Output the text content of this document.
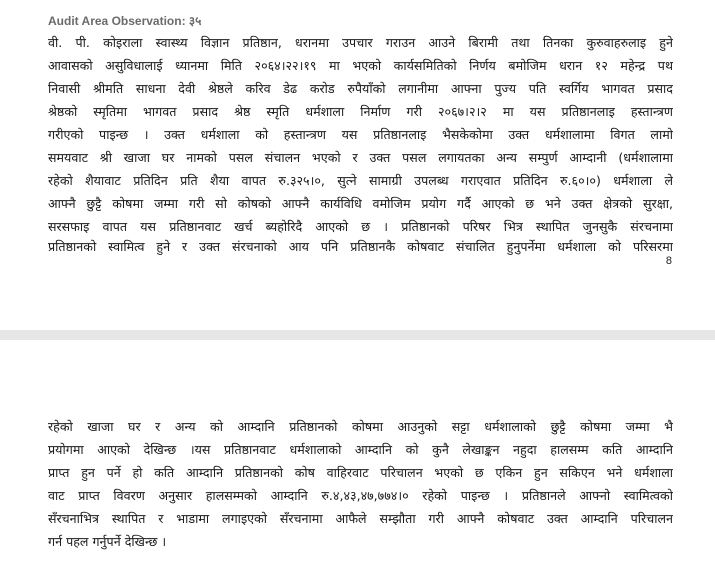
Audit Area Observation: ३५
वी. पी. कोइराला स्वास्थ्य विज्ञान प्रतिष्ठान, धरानमा उपचार गराउन आउने बिरामी तथा तिनका कुरुवाहरुलाइ हुने
आवासको असुविधालाई ध्यानमा मिति २०६४।२२।१९ मा भएको कार्यसमितिको निर्णय बमोजिम धरान १२ महेन्द्र पथ
निवासी श्रीमति साधना देवी श्रेष्ठले करिव डेढ करोड रुपैयाँको लगानीमा आफ्ना पुज्य पति स्वर्गिय भागवत प्रसाद
श्रेष्ठको स्मृतिमा भागवत प्रसाद श्रेष्ठ स्मृति धर्मशाला निर्माण गरी २०६७।२।२ मा यस प्रतिष्ठानलाइ हस्तान्त्रण
गरीएको पाइन्छ । उक्त धर्मशाला को हस्तान्त्रण यस प्रतिष्ठानलाइ भैसकेकोमा उक्त धर्मशालामा विगत लामो
समयवाट श्री खाजा घर नामको पसल संचालन भएको र उक्त पसल लगायतका अन्य सम्पुर्ण आम्दानी (धर्मशालामा
रहेको शैयावाट प्रतिदिन प्रति शैया वापत रु.३२५।०, सुत्ने सामाग्री उपलब्ध गराएवात प्रतिदिन रु.६०।०) धर्मशाला ले
आफ्नै छुट्टै कोषमा जम्मा गरी सो कोषको आफ्नै कार्यविधि वमोजिम प्रयोग गर्दै आएको छ भने उक्त क्षेत्रको सुरक्षा,
सरसफाइ वापत यस प्रतिष्ठानवाट खर्च ब्यहोरिदै आएको छ । प्रतिष्ठानको परिषर भित्र स्थापित जुनसुकै संरचनामा
प्रतिष्ठानको स्वामित्व हुने र उक्त संरचनाको आय पनि प्रतिष्ठानकै कोषवाट संचालित हुनुपर्नेमा धर्मशाला को परिसरमा
8
रहेको खाजा घर र अन्य को आम्दानि प्रतिष्ठानको कोषमा आउनुको सट्टा धर्मशालाको छुट्टै कोषमा जम्मा भै
प्रयोगमा आएको देखिन्छ ।यस प्रतिष्ठानवाट धर्मशालाको आम्दानि को कुनै लेखाङ्कन नहुदा हालसम्म कति आम्दानि
प्राप्त हुन पर्ने हो कति आम्दानि प्रतिष्ठानको कोष वाहिरवाट परिचालन भएको छ एकिन हुन सकिएन भने धर्मशाला
वाट प्राप्त विवरण अनुसार हालसम्मको आम्दानि रु.४,४३,४७,७७४।० रहेको पाइन्छ । प्रतिष्ठानले आफ्नो स्वामित्वको
सँरचनाभित्र स्थापित र भाडामा लगाइएको सँरचनामा आफैले सम्झौता गरी आफ्नै कोषवाट उक्त आम्दानि परिचालन
गर्न पहल गर्नुपर्ने देखिन्छ ।
